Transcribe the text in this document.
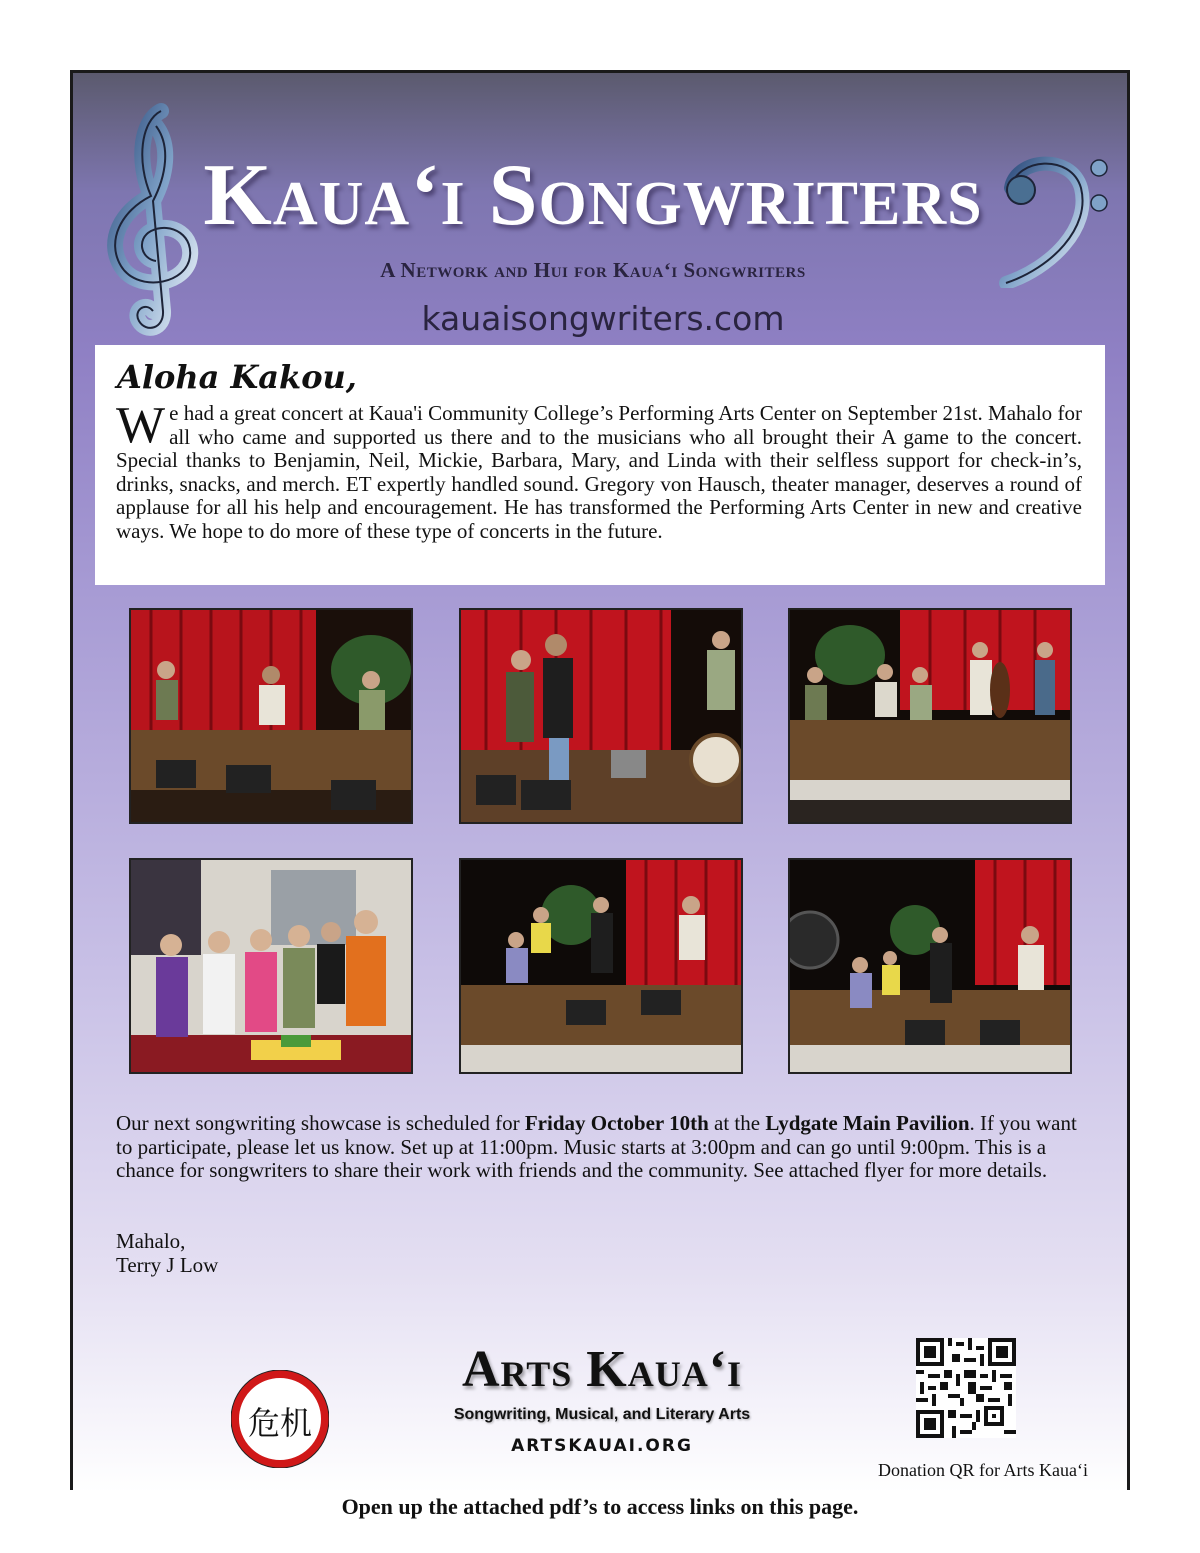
Kaua‘i Songwriters
A Network and Hui for Kaua‘i Songwriters
kauaisongwriters.com
Aloha Kakou,
We had a great concert at Kaua'i Community College’s Performing Arts Center on September 21st. Mahalo for all who came and supported us there and to the musicians who all brought their A game to the concert. Special thanks to Benjamin, Neil, Mickie, Barbara, Mary, and Linda with their selfless support for check-in’s, drinks, snacks, and merch. ET expertly handled sound. Gregory von Hausch, theater manager, deserves a round of applause for all his help and encouragement. He has transformed the Performing Arts Center in new and creative ways. We hope to do more of these type of concerts in the future.
Our next songwriting showcase is scheduled for Friday October 10th at the Lydgate Main Pavilion. If you want to participate, please let us know. Set up at 11:00pm. Music starts at 3:00pm and can go until 9:00pm. This is a chance for songwriters to share their work with friends and the community. See attached flyer for more details.
Mahalo,
Terry J Low
危机
Arts Kaua‘i
Songwriting, Musical, and Literary Arts
ARTSKAUAI.ORG
Donation QR for Arts Kaua‘i
Open up the attached pdf’s to access links on this page.
